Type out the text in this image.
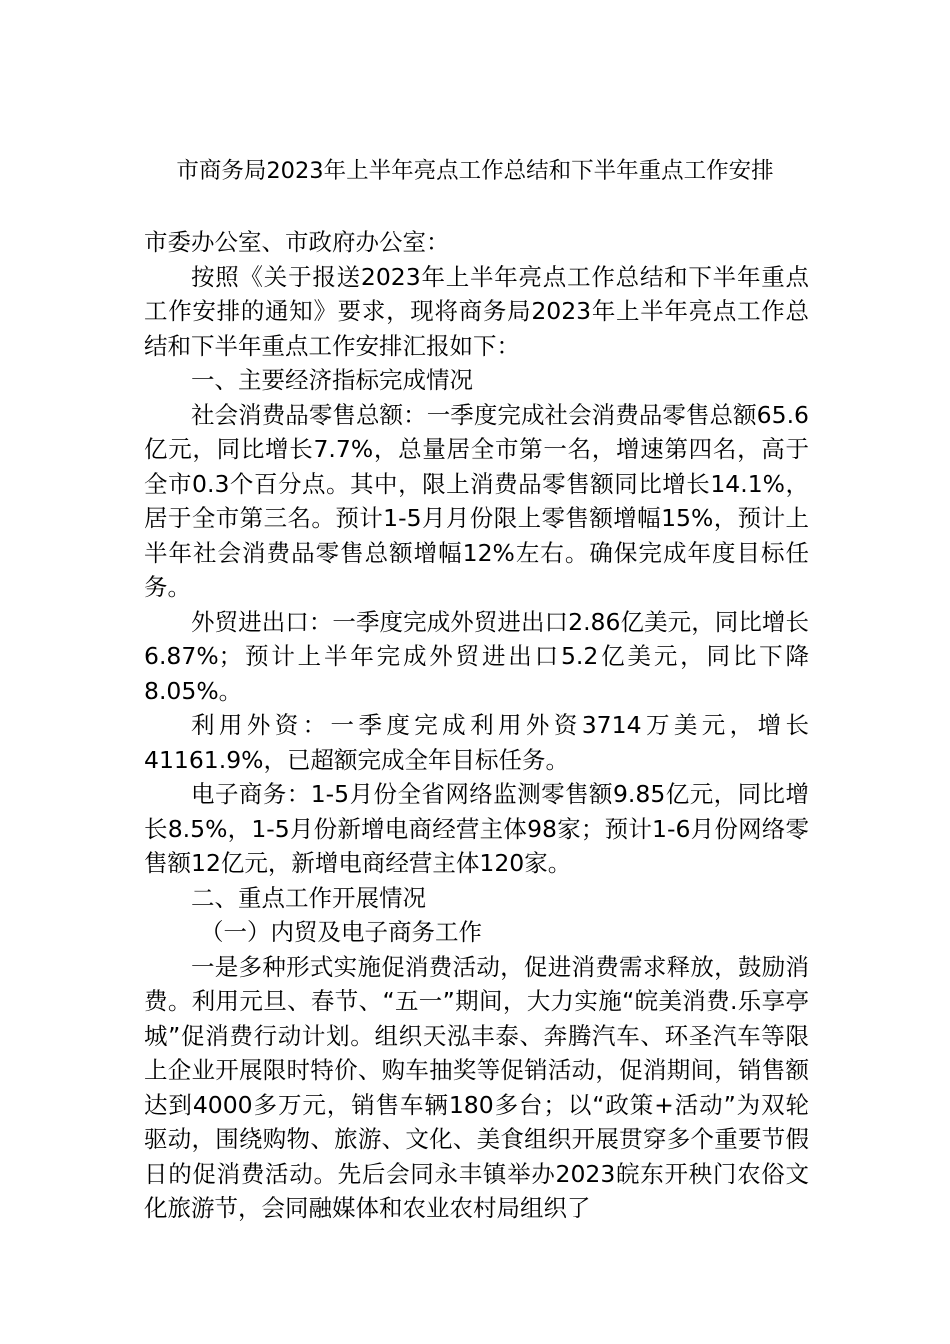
市商务局2023年上半年亮点工作总结和下半年重点工作安排

市委办公室、市政府办公室：

按照《关于报送2023年上半年亮点工作总结和下半年重点工作安排的通知》要求，现将商务局2023年上半年亮点工作总结和下半年重点工作安排汇报如下：

一、主要经济指标完成情况

社会消费品零售总额：一季度完成社会消费品零售总额65.6亿元，同比增长7.7%，总量居全市第一名，增速第四名，高于全市0.3个百分点。其中，限上消费品零售额同比增长14.1%，居于全市第三名。预计1-5月月份限上零售额增幅15%，预计上半年社会消费品零售总额增幅12%左右。确保完成年度目标任务。

外贸进出口：一季度完成外贸进出口2.86亿美元，同比增长6.87%；预计上半年完成外贸进出口5.2亿美元，同比下降8.05%。

利用外资：一季度完成利用外资3714万美元，增长41161.9%，已超额完成全年目标任务。

电子商务：1-5月份全省网络监测零售额9.85亿元，同比增长8.5%，1-5月份新增电商经营主体98家；预计1-6月份网络零售额12亿元，新增电商经营主体120家。

二、重点工作开展情况

（一）内贸及电子商务工作

一是多种形式实施促消费活动，促进消费需求释放，鼓励消费。利用元旦、春节、“五一”期间，大力实施“皖美消费.乐享亭城”促消费行动计划。组织天泓丰泰、奔腾汽车、环圣汽车等限上企业开展限时特价、购车抽奖等促销活动，促消期间，销售额达到4000多万元，销售车辆180多台；以“政策+活动”为双轮驱动，围绕购物、旅游、文化、美食组织开展贯穿多个重要节假日的促消费活动。先后会同永丰镇举办2023皖东开秧门农俗文化旅游节，会同融媒体和农业农村局组织了
